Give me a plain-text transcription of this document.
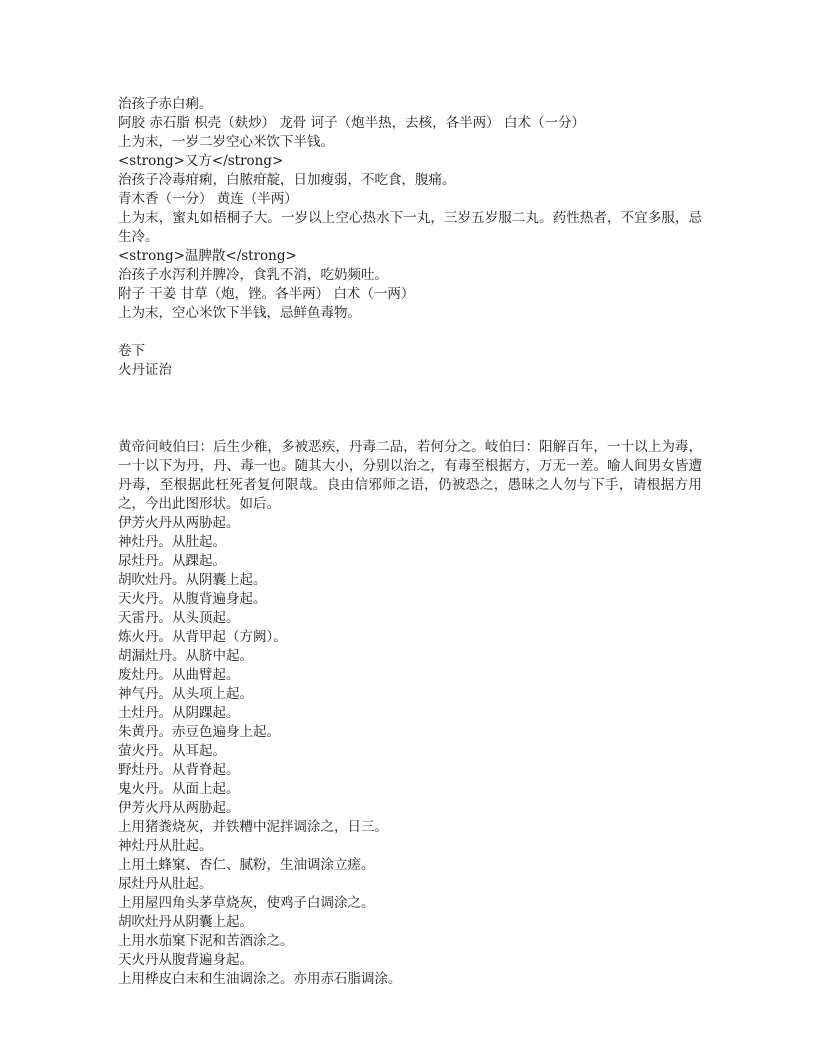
治孩子赤白痢。

阿胶 赤石脂 枳壳（麸炒） 龙骨 诃子（炮半热，去核，各半两） 白术（一分）

上为末，一岁二岁空心米饮下半钱。

<strong>又方</strong>

治孩子冷毒疳痢，白脓疳靛，日加瘦弱，不吃食，腹痛。

青木香（一分） 黄连（半两）

上为末，蜜丸如梧桐子大。一岁以上空心热水下一丸，三岁五岁服二丸。药性热者，不宜多服，忌生冷。

<strong>温脾散</strong>

治孩子水泻利并脾冷，食乳不消，吃奶频吐。

附子 干姜 甘草（炮，锉。各半两） 白术（一两）

上为末，空心米饮下半钱，忌鲜鱼毒物。

卷下

火丹证治

黄帝问岐伯曰：后生少稚，多被恶疾，丹毒二品，若何分之。岐伯曰：阳解百年，一十以上为毒，一十以下为丹，丹、毒一也。随其大小，分别以治之，有毒至根据方，万无一差。喻人间男女皆遭丹毒，至根据此枉死者复何限哉。良由信邪师之语，仍被恐之，愚昧之人勿与下手，请根据方用之，今出此图形状。如后。

伊芳火丹从两胁起。

神灶丹。从肚起。

尿灶丹。从踝起。

胡吹灶丹。从阴囊上起。

天火丹。从腹背遍身起。

天雷丹。从头顶起。

炼火丹。从背甲起（方阙）。

胡漏灶丹。从脐中起。

废灶丹。从曲臂起。

神气丹。从头项上起。

土灶丹。从阴踝起。

朱黄丹。赤豆色遍身上起。

萤火丹。从耳起。

野灶丹。从背脊起。

鬼火丹。从面上起。

伊芳火丹从两胁起。

上用猪粪烧灰，并铁糟中泥拌调涂之，日三。

神灶丹从肚起。

上用土蜂窠、杏仁、腻粉，生油调涂立瘥。

尿灶丹从肚起。

上用屋四角头茅草烧灰，使鸡子白调涂之。

胡吹灶丹从阴囊上起。

上用水茄窠下泥和苦酒涂之。

天火丹从腹背遍身起。

上用桦皮白末和生油调涂之。亦用赤石脂调涂。
